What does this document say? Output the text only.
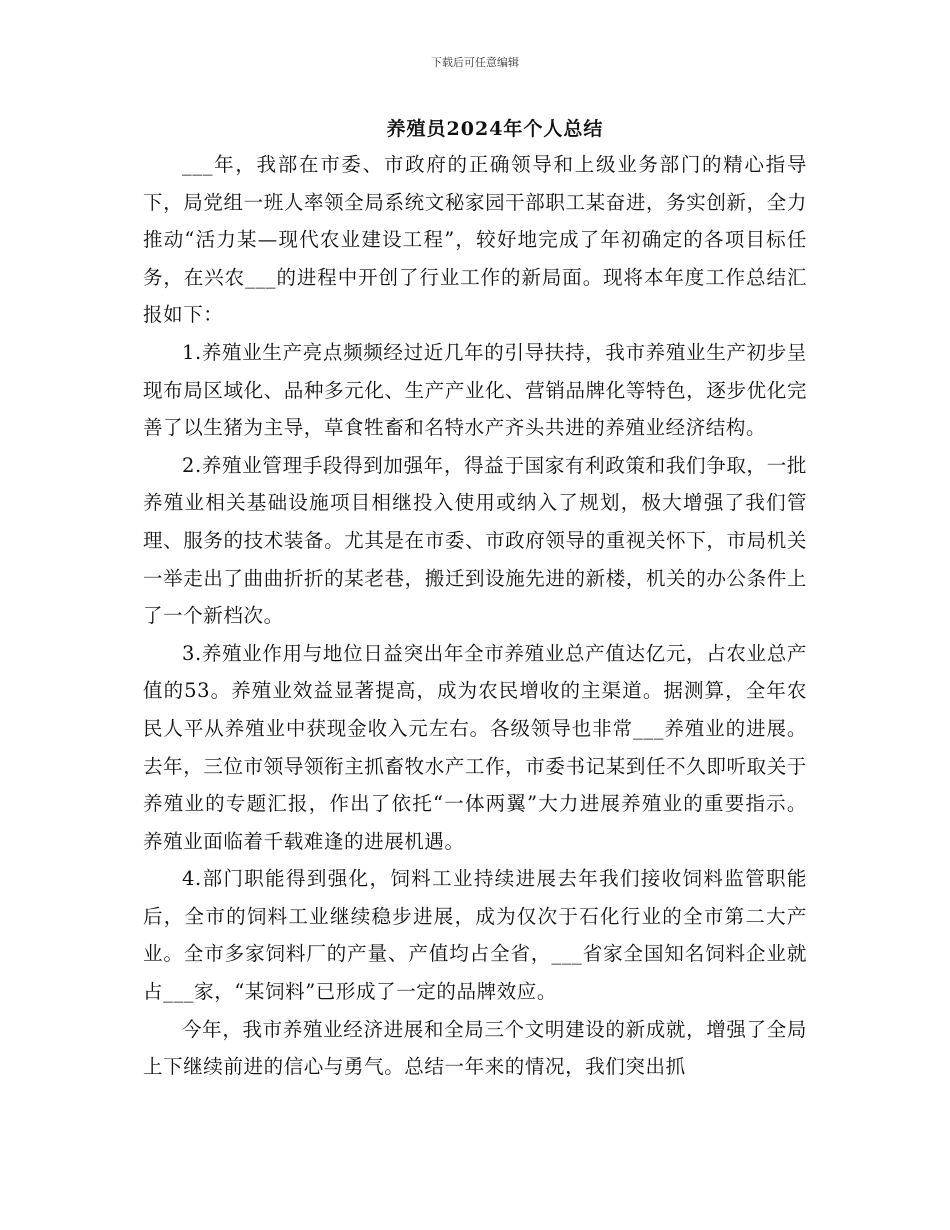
下载后可任意编辑
养殖员2024年个人总结

___年，我部在市委、市政府的正确领导和上级业务部门的精心指导下，局党组一班人率领全局系统文秘家园干部职工某奋进，务实创新，全力推动“活力某—现代农业建设工程”，较好地完成了年初确定的各项目标任务，在兴农___的进程中开创了行业工作的新局面。现将本年度工作总结汇报如下：

1.养殖业生产亮点频频经过近几年的引导扶持，我市养殖业生产初步呈现布局区域化、品种多元化、生产产业化、营销品牌化等特色，逐步优化完善了以生猪为主导，草食牲畜和名特水产齐头共进的养殖业经济结构。

2.养殖业管理手段得到加强年，得益于国家有利政策和我们争取，一批养殖业相关基础设施项目相继投入使用或纳入了规划，极大增强了我们管理、服务的技术装备。尤其是在市委、市政府领导的重视关怀下，市局机关一举走出了曲曲折折的某老巷，搬迁到设施先进的新楼，机关的办公条件上了一个新档次。

3.养殖业作用与地位日益突出年全市养殖业总产值达亿元，占农业总产值的53。养殖业效益显著提高，成为农民增收的主渠道。据测算，全年农民人平从养殖业中获现金收入元左右。各级领导也非常___养殖业的进展。去年，三位市领导领衔主抓畜牧水产工作，市委书记某到任不久即听取关于养殖业的专题汇报，作出了依托“一体两翼”大力进展养殖业的重要指示。养殖业面临着千载难逢的进展机遇。

4.部门职能得到强化，饲料工业持续进展去年我们接收饲料监管职能后，全市的饲料工业继续稳步进展，成为仅次于石化行业的全市第二大产业。全市多家饲料厂的产量、产值均占全省，___省家全国知名饲料企业就占___家，“某饲料”已形成了一定的品牌效应。

今年，我市养殖业经济进展和全局三个文明建设的新成就，增强了全局上下继续前进的信心与勇气。总结一年来的情况，我们突出抓
